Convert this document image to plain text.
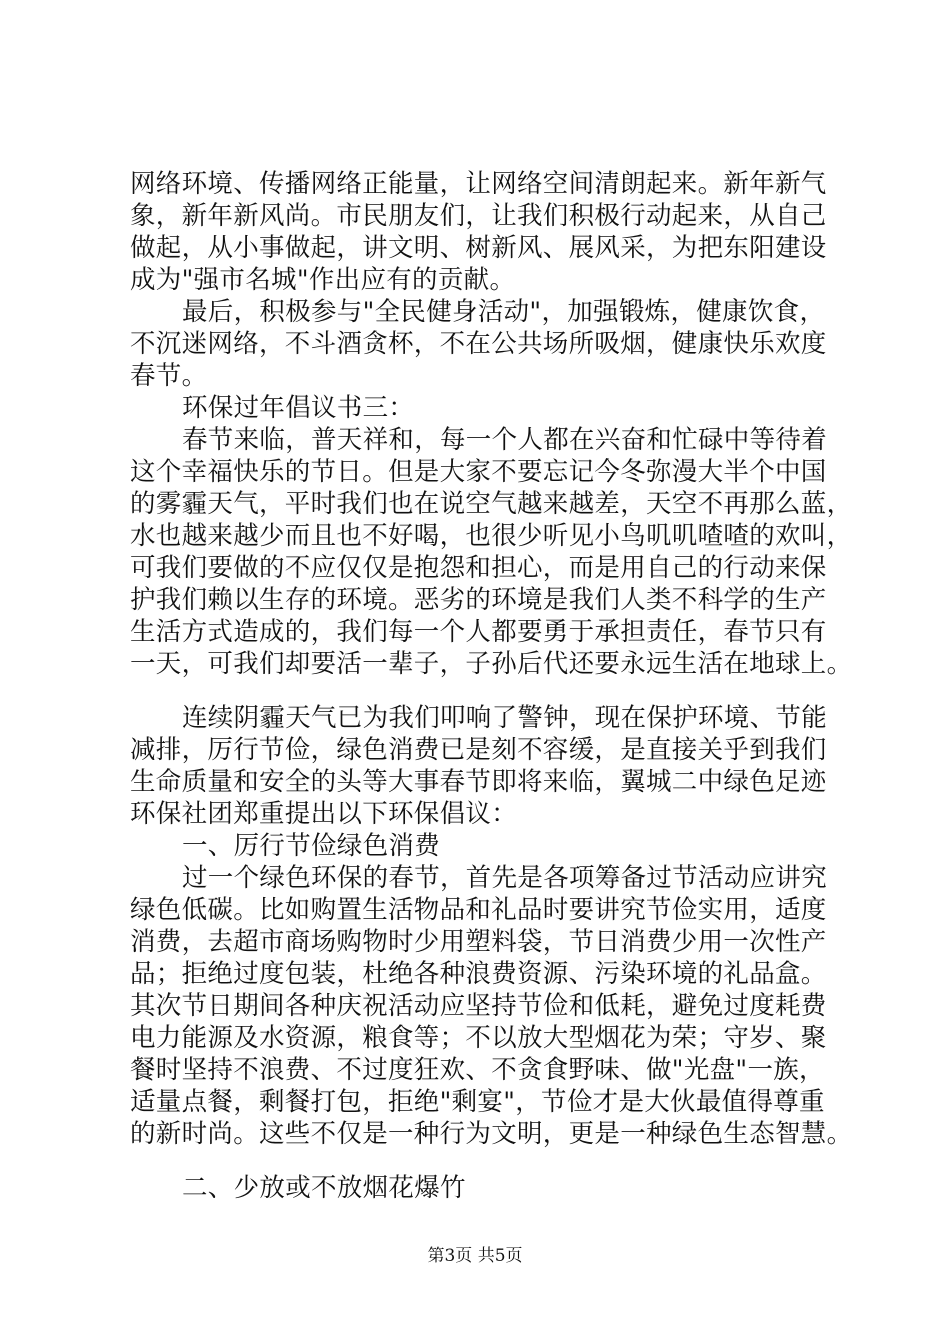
网络环境、传播网络正能量，让网络空间清朗起来。新年新气
象，新年新风尚。市民朋友们，让我们积极行动起来，从自己
做起，从小事做起，讲文明、树新风、展风采，为把东阳建设
成为"强市名城"作出应有的贡献。
最后，积极参与"全民健身活动"，加强锻炼，健康饮食，
不沉迷网络，不斗酒贪杯，不在公共场所吸烟，健康快乐欢度
春节。
环保过年倡议书三：
春节来临，普天祥和，每一个人都在兴奋和忙碌中等待着
这个幸福快乐的节日。但是大家不要忘记今冬弥漫大半个中国
的雾霾天气，平时我们也在说空气越来越差，天空不再那么蓝，
水也越来越少而且也不好喝，也很少听见小鸟叽叽喳喳的欢叫，
可我们要做的不应仅仅是抱怨和担心，而是用自己的行动来保
护我们赖以生存的环境。恶劣的环境是我们人类不科学的生产
生活方式造成的，我们每一个人都要勇于承担责任，春节只有
一天，可我们却要活一辈子，子孙后代还要永远生活在地球上。
连续阴霾天气已为我们叩响了警钟，现在保护环境、节能
减排，厉行节俭，绿色消费已是刻不容缓，是直接关乎到我们
生命质量和安全的头等大事春节即将来临，翼城二中绿色足迹
环保社团郑重提出以下环保倡议：
一、厉行节俭绿色消费
过一个绿色环保的春节，首先是各项筹备过节活动应讲究
绿色低碳。比如购置生活物品和礼品时要讲究节俭实用，适度
消费，去超市商场购物时少用塑料袋，节日消费少用一次性产
品；拒绝过度包装，杜绝各种浪费资源、污染环境的礼品盒。
其次节日期间各种庆祝活动应坚持节俭和低耗，避免过度耗费
电力能源及水资源，粮食等；不以放大型烟花为荣；守岁、聚
餐时坚持不浪费、不过度狂欢、不贪食野味、做"光盘"一族，
适量点餐，剩餐打包，拒绝"剩宴"，节俭才是大伙最值得尊重
的新时尚。这些不仅是一种行为文明，更是一种绿色生态智慧。
二、少放或不放烟花爆竹
第3页 共5页
